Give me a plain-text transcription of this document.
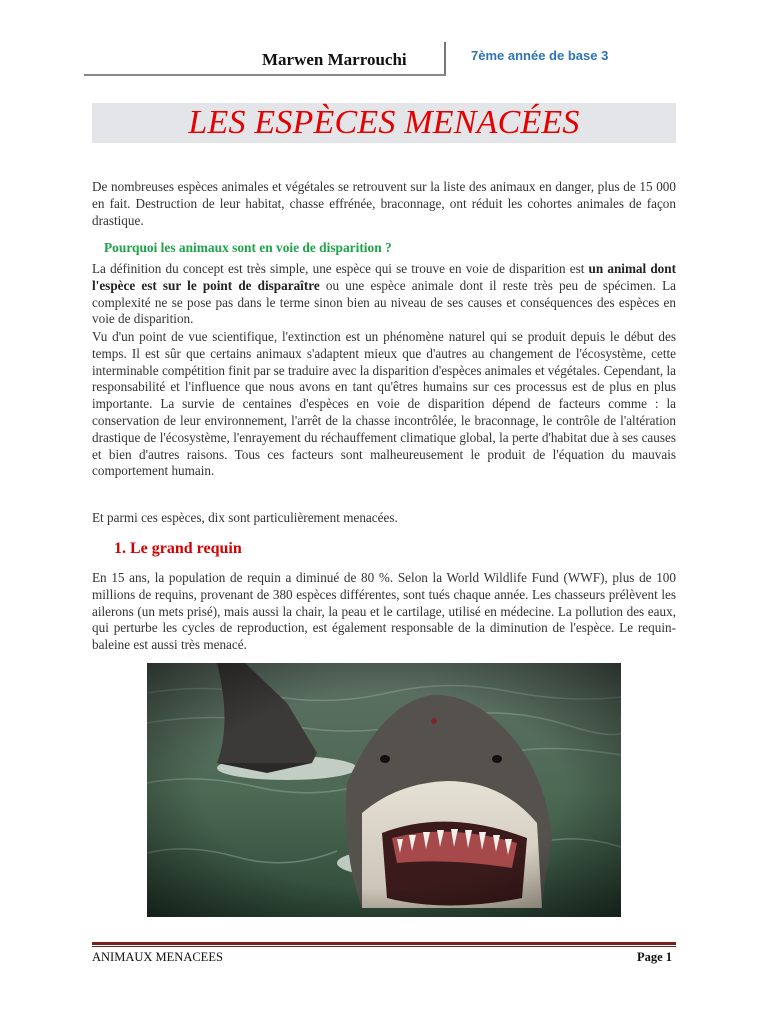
Marwen Marrouchi	7ème année de base 3
LES ESPÈCES MENACÉES
De nombreuses espèces animales et végétales se retrouvent sur la liste des animaux en danger, plus de 15 000 en fait. Destruction de leur habitat, chasse effrénée, braconnage, ont réduit les cohortes animales de façon drastique.
Pourquoi les animaux sont en voie de disparition ?
La définition du concept est très simple, une espèce qui se trouve en voie de disparition est un animal dont l'espèce est sur le point de disparaître ou une espèce animale dont il reste très peu de spécimen. La complexité ne se pose pas dans le terme sinon bien au niveau de ses causes et conséquences des espèces en voie de disparition.
Vu d'un point de vue scientifique, l'extinction est un phénomène naturel qui se produit depuis le début des temps. Il est sûr que certains animaux s'adaptent mieux que d'autres au changement de l'écosystème, cette interminable compétition finit par se traduire avec la disparition d'espèces animales et végétales. Cependant, la responsabilité et l'influence que nous avons en tant qu'êtres humains sur ces processus est de plus en plus importante. La survie de centaines d'espèces en voie de disparition dépend de facteurs comme : la conservation de leur environnement, l'arrêt de la chasse incontrôlée, le braconnage, le contrôle de l'altération drastique de l'écosystème, l'enrayement du réchauffement climatique global, la perte d'habitat due à ses causes et bien d'autres raisons. Tous ces facteurs sont malheureusement le produit de l'équation du mauvais comportement humain.
Et parmi ces espèces, dix sont particulièrement menacées.
1. Le grand requin
En 15 ans, la population de requin a diminué de 80 %. Selon la World Wildlife Fund (WWF), plus de 100 millions de requins, provenant de 380 espèces différentes, sont tués chaque année. Les chasseurs prélèvent les ailerons (un mets prisé), mais aussi la chair, la peau et le cartilage, utilisé en médecine. La pollution des eaux, qui perturbe les cycles de reproduction, est également responsable de la diminution de l'espèce. Le requin-baleine est aussi très menacé.
ANIMAUX MENACEES	Page 1
